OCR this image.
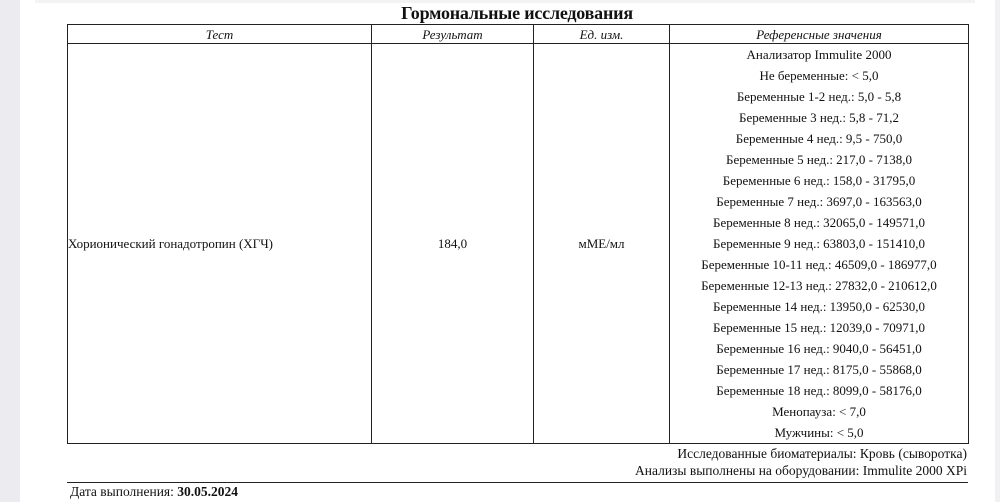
Гормональные исследования
Тест	Результат	Ед. изм.	Референсные значения
Хорионический гонадотропин (ХГЧ)	184,0	мМЕ/мл	
Анализатор Immulite 2000
Не беременные: < 5,0
Беременные 1-2 нед.: 5,0 - 5,8
Беременные 3 нед.: 5,8 - 71,2
Беременные 4 нед.: 9,5 - 750,0
Беременные 5 нед.: 217,0 - 7138,0
Беременные 6 нед.: 158,0 - 31795,0
Беременные 7 нед.: 3697,0 - 163563,0
Беременные 8 нед.: 32065,0 - 149571,0
Беременные 9 нед.: 63803,0 - 151410,0
Беременные 10-11 нед.: 46509,0 - 186977,0
Беременные 12-13 нед.: 27832,0 - 210612,0
Беременные 14 нед.: 13950,0 - 62530,0
Беременные 15 нед.: 12039,0 - 70971,0
Беременные 16 нед.: 9040,0 - 56451,0
Беременные 17 нед.: 8175,0 - 55868,0
Беременные 18 нед.: 8099,0 - 58176,0
Менопауза: < 7,0
Мужчины: < 5,0
Исследованные биоматериалы: Кровь (сыворотка)
Анализы выполнены на оборудовании: Immulite 2000 XPi
Дата выполнения: 30.05.2024
